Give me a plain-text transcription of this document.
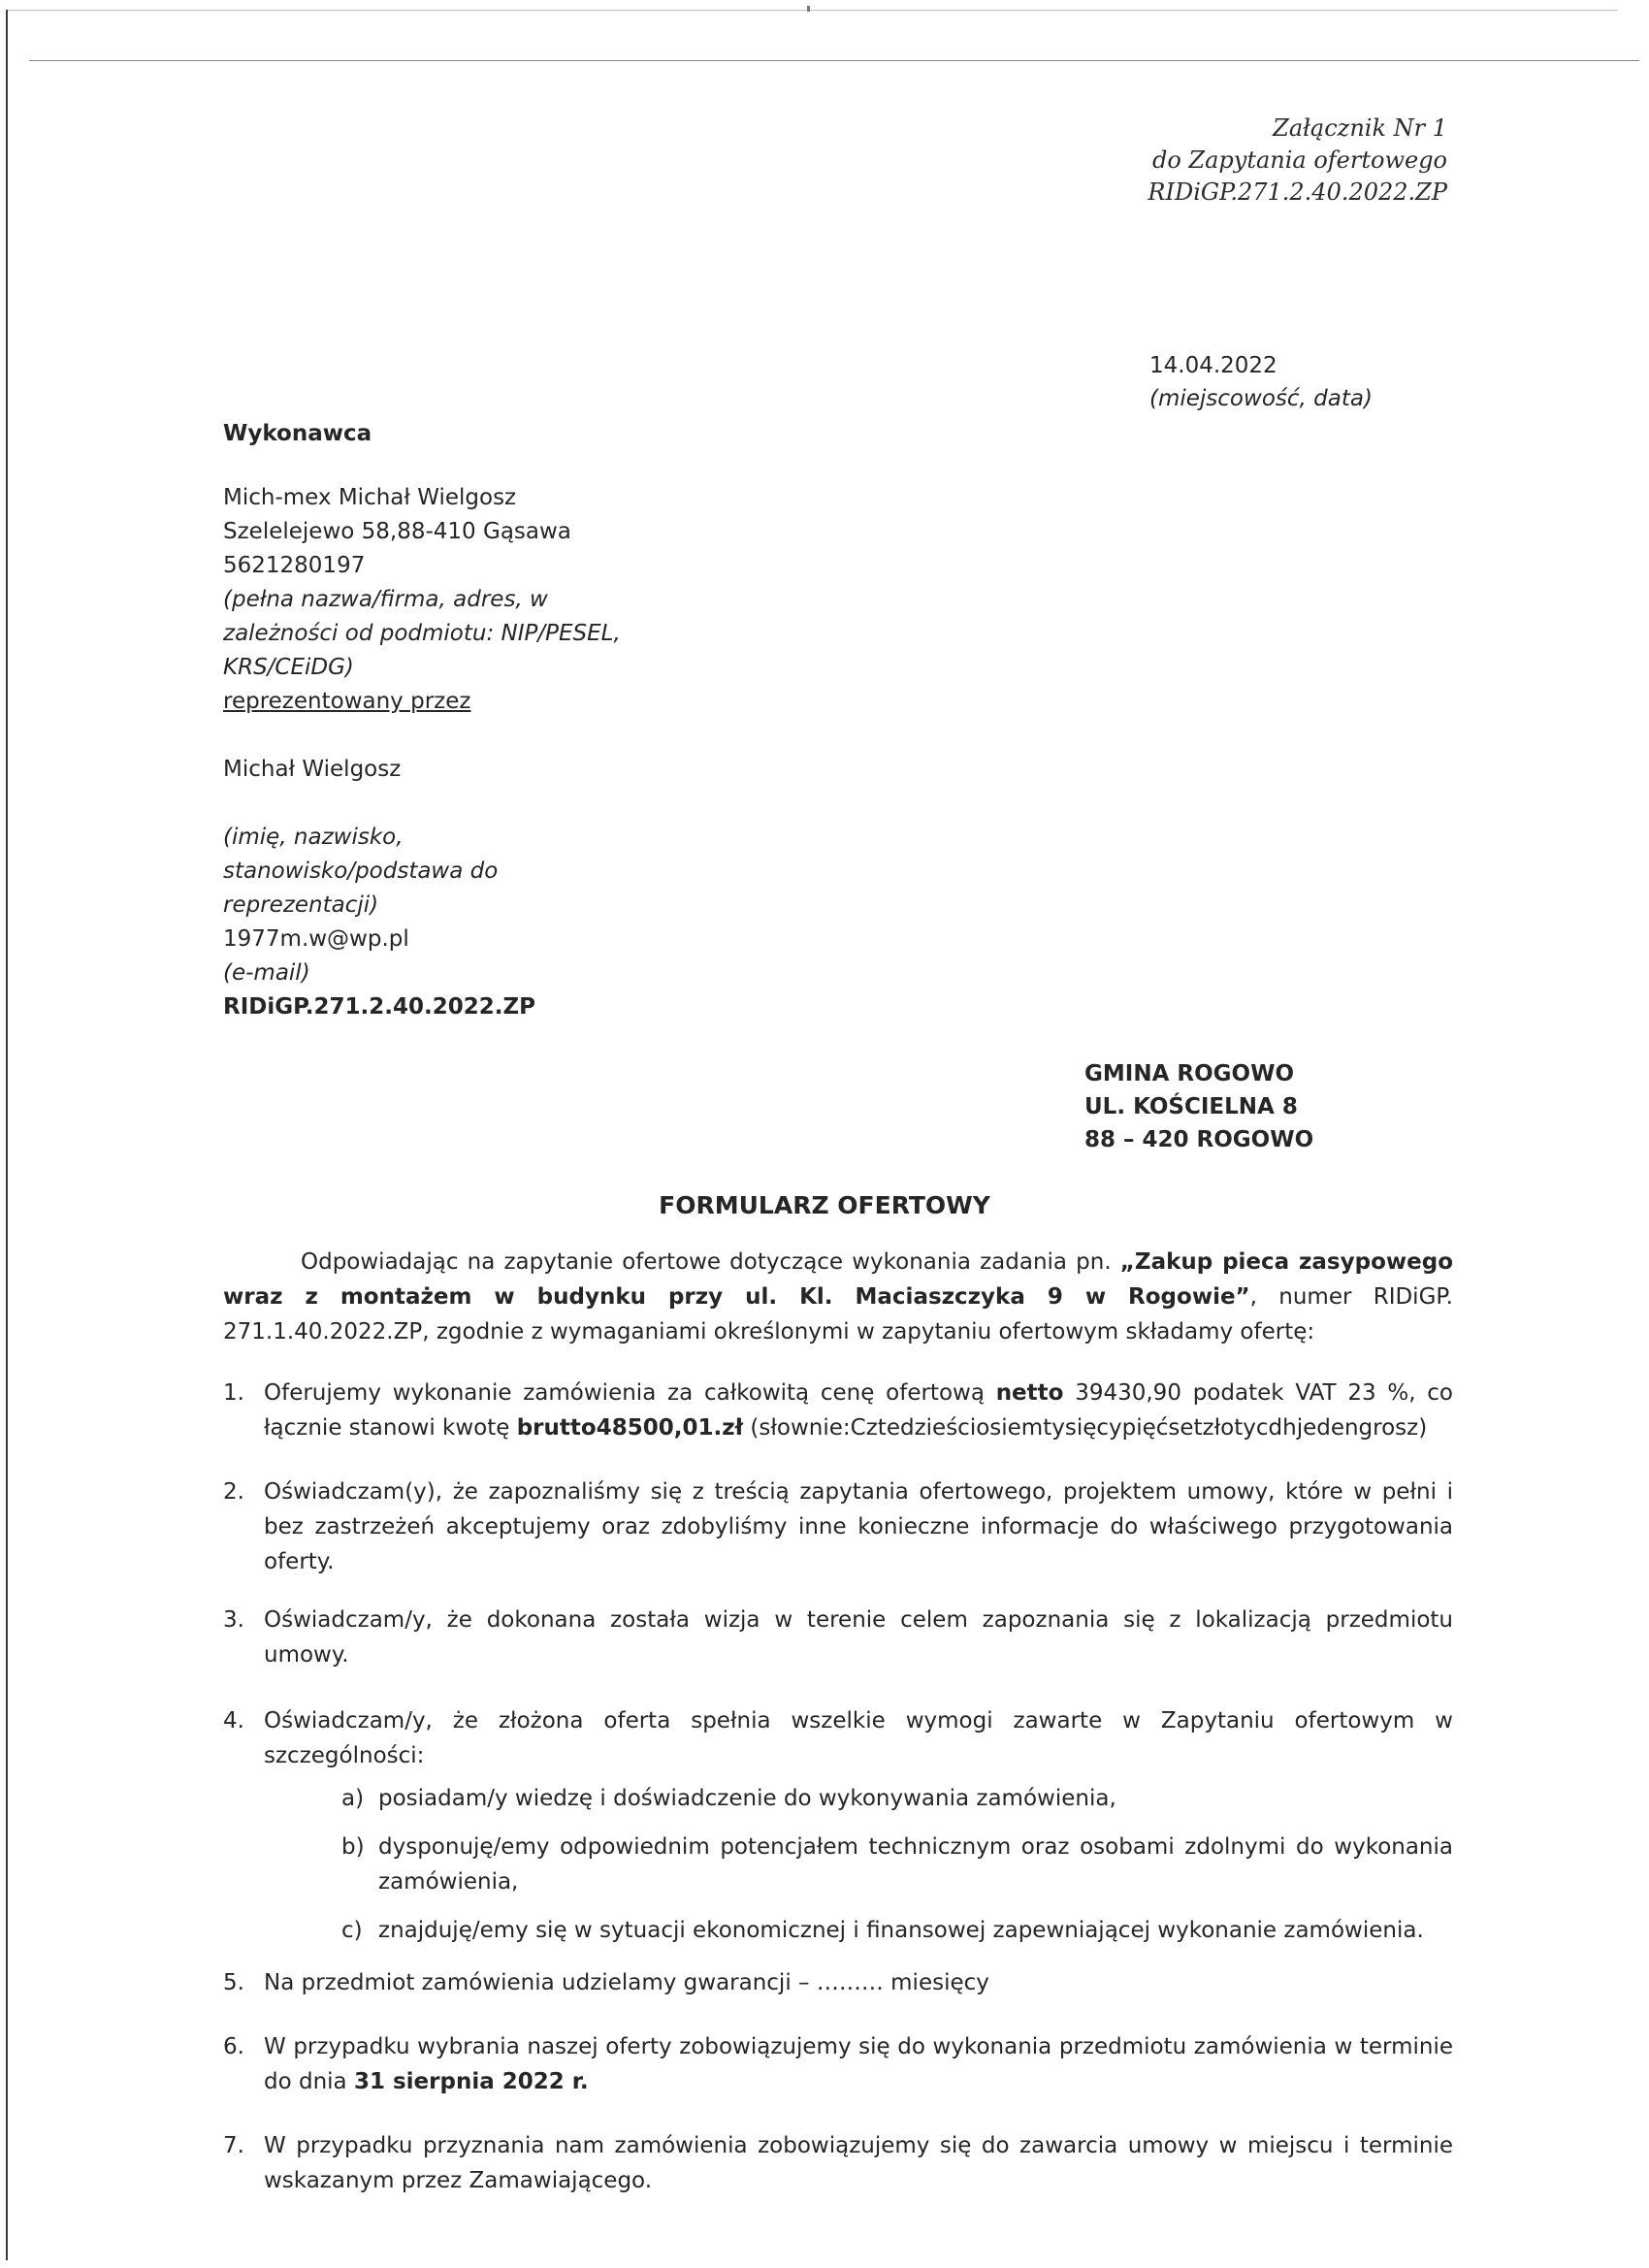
Załącznik Nr 1
do Zapytania ofertowego
RIDiGP.271.2.40.2022.ZP
14.04.2022
(miejscowość, data)
Wykonawca
Mich-mex Michał Wielgosz
Szelelejewo 58,88-410 Gąsawa
5621280197
(pełna nazwa/firma, adres, w
zależności od podmiotu: NIP/PESEL,
KRS/CEiDG)
reprezentowany przez
Michał Wielgosz
(imię, nazwisko,
stanowisko/podstawa do
reprezentacji)
1977m.w@wp.pl
(e-mail)
RIDiGP.271.2.40.2022.ZP
GMINA ROGOWO
UL. KOŚCIELNA 8
88 – 420 ROGOWO
FORMULARZ OFERTOWY
Odpowiadając na zapytanie ofertowe dotyczące wykonania zadania pn. „Zakup pieca zasypowego wraz z montażem w budynku przy ul. Kl. Maciaszczyka 9 w Rogowie”, numer RIDiGP. 271.1.40.2022.ZP, zgodnie z wymaganiami określonymi w zapytaniu ofertowym składamy ofertę:
1. Oferujemy wykonanie zamówienia za całkowitą cenę ofertową netto 39430,90 podatek VAT 23 %, co łącznie stanowi kwotę brutto48500,01.zł (słownie:Cztedzieściosiemtysięcypięćsetzłotycdhjedengrosz)
2. Oświadczam(y), że zapoznaliśmy się z treścią zapytania ofertowego, projektem umowy, które w pełni i bez zastrzeżeń akceptujemy oraz zdobyliśmy inne konieczne informacje do właściwego przygotowania oferty.
3. Oświadczam/y, że dokonana została wizja w terenie celem zapoznania się z lokalizacją przedmiotu umowy.
4. Oświadczam/y, że złożona oferta spełnia wszelkie wymogi zawarte w Zapytaniu ofertowym w szczególności:
a) posiadam/y wiedzę i doświadczenie do wykonywania zamówienia,
b) dysponuję/emy odpowiednim potencjałem technicznym oraz osobami zdolnymi do wykonania zamówienia,
c) znajduję/emy się w sytuacji ekonomicznej i finansowej zapewniającej wykonanie zamówienia.
5. Na przedmiot zamówienia udzielamy gwarancji – ……… miesięcy
6. W przypadku wybrania naszej oferty zobowiązujemy się do wykonania przedmiotu zamówienia w terminie do dnia 31 sierpnia 2022 r.
7. W przypadku przyznania nam zamówienia zobowiązujemy się do zawarcia umowy w miejscu i terminie wskazanym przez Zamawiającego.
